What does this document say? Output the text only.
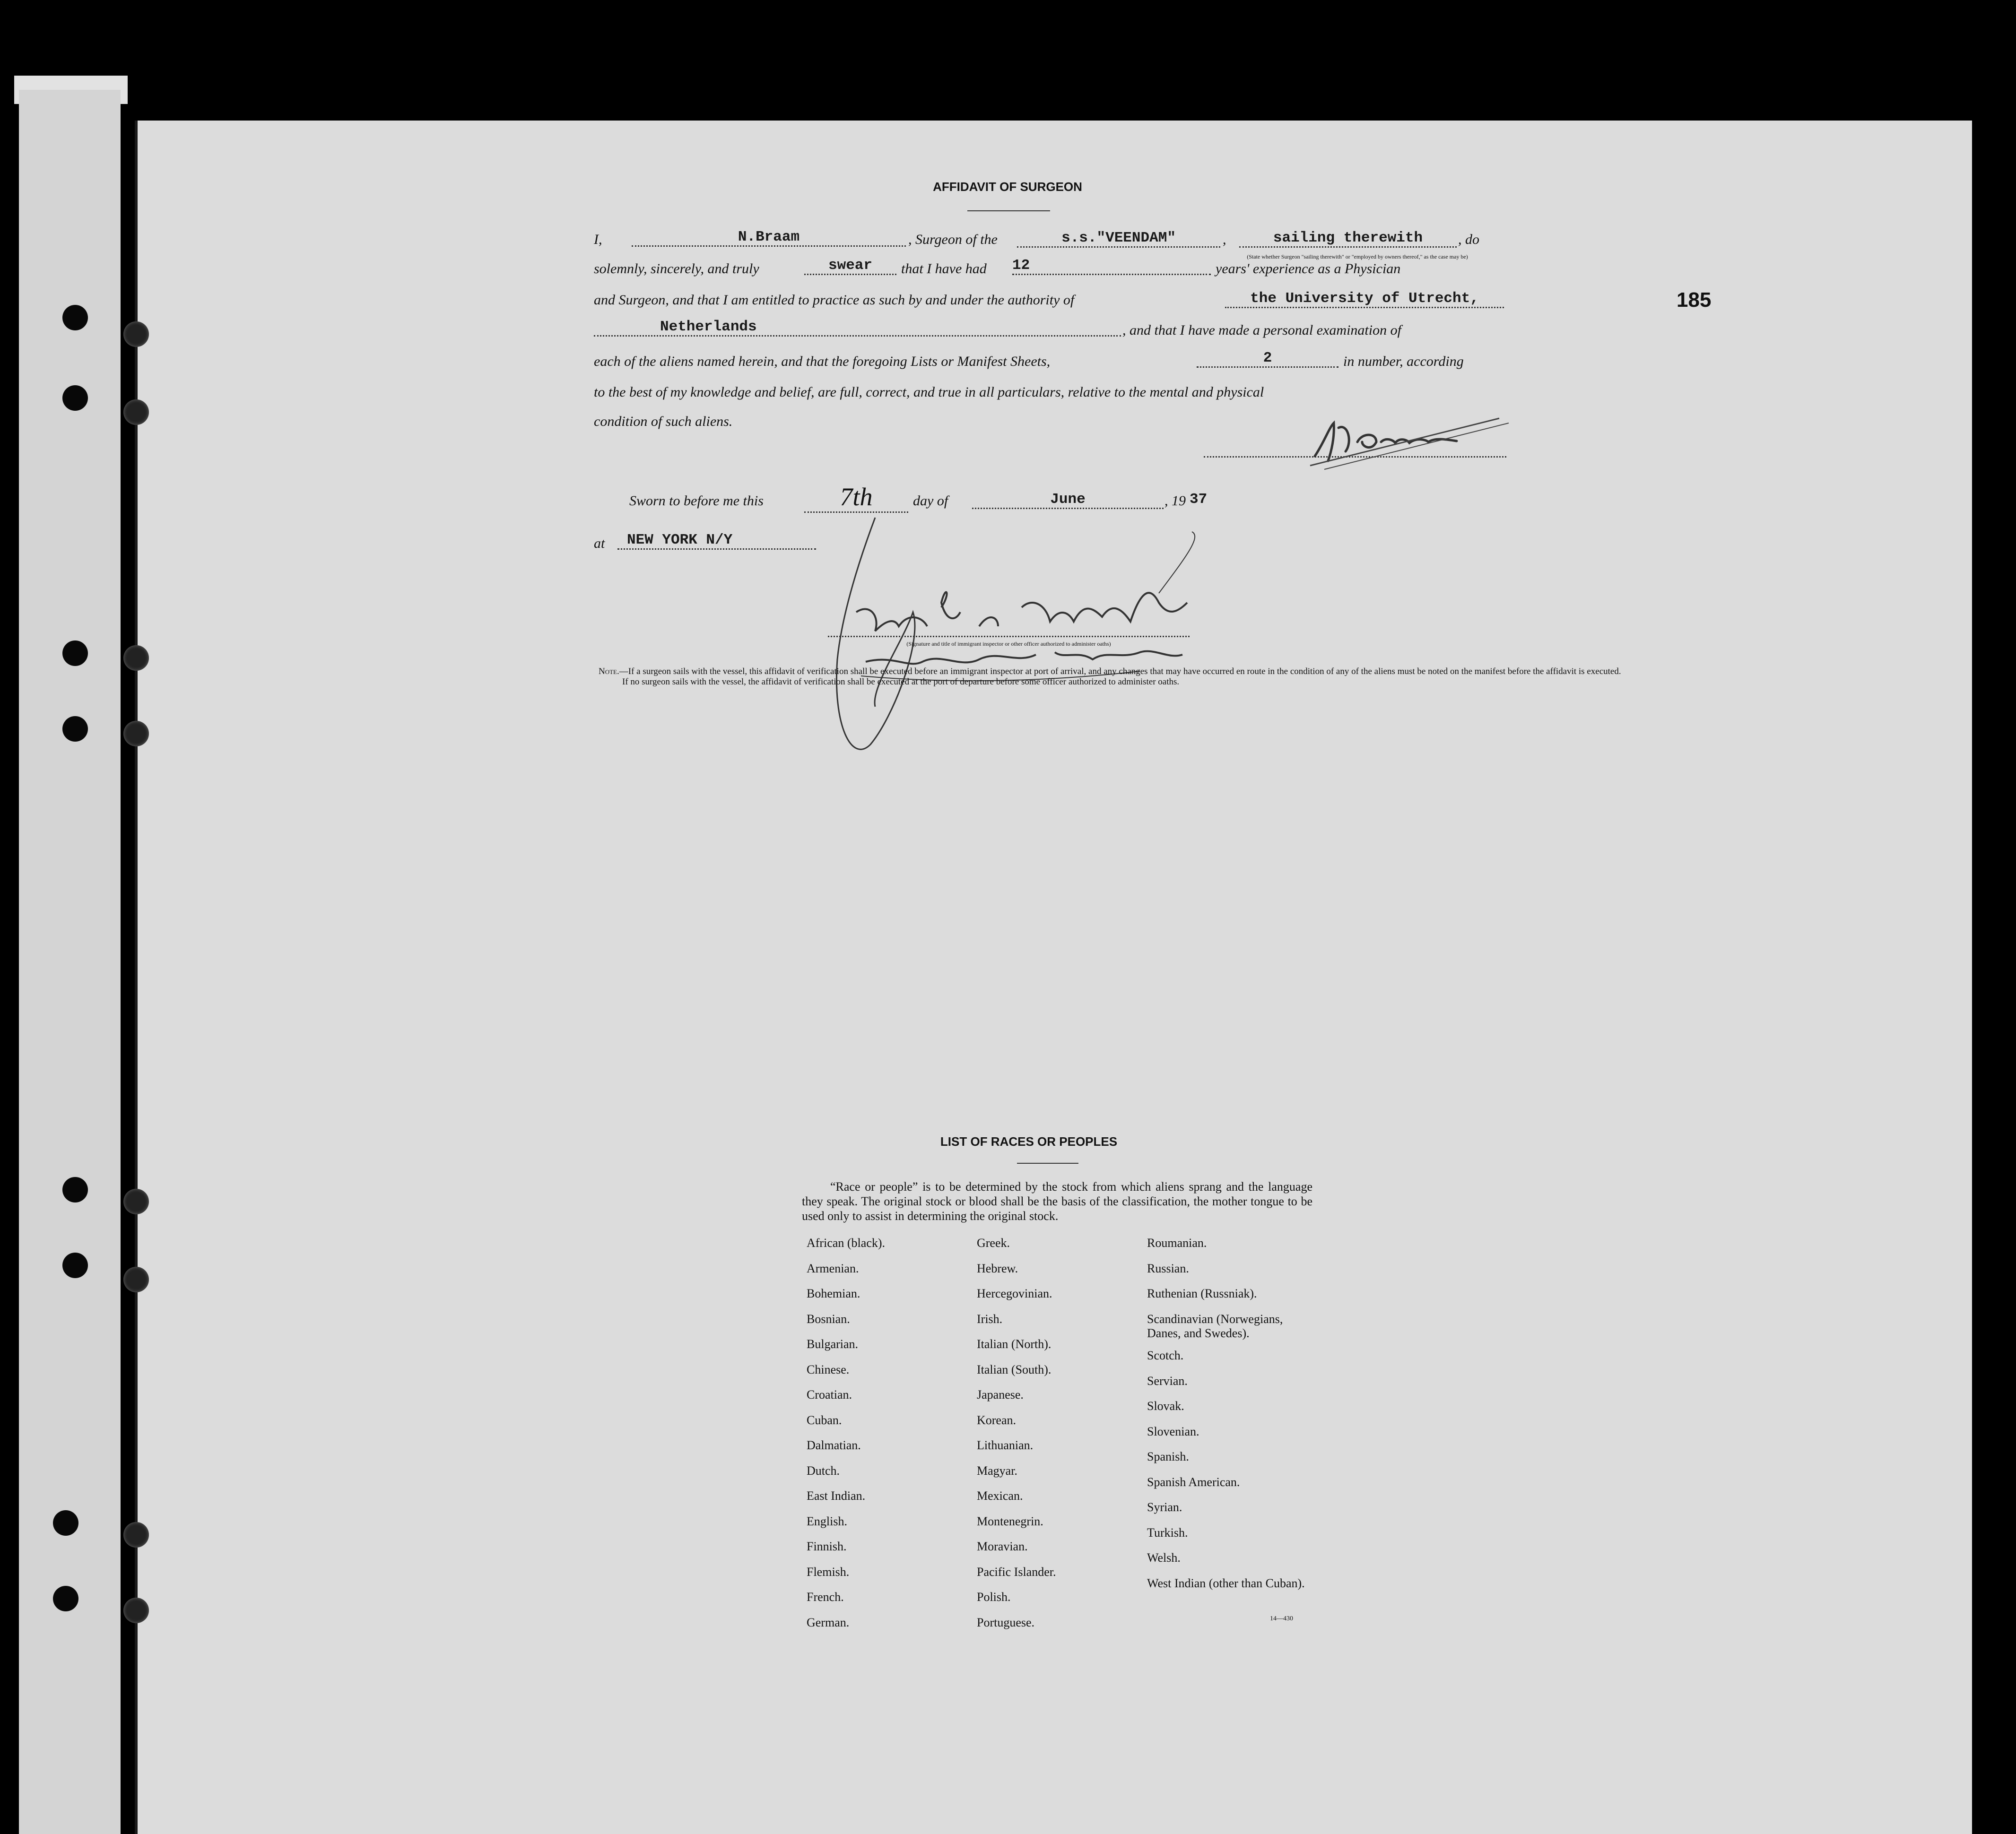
185
AFFIDAVIT OF SURGEON
I,	N.Braam	, Surgeon of the	s.s."VEENDAM"	,	sailing therewith	, do
(State whether Surgeon "sailing therewith" or "employed by owners thereof," as the case may be)
solemnly, sincerely, and truly	swear	that I have had 12	years' experience as a Physician
and Surgeon, and that I am entitled to practice as such by and under the authority of	the University of Utrecht,
Netherlands	, and that I have made a personal examination of
each of the aliens named herein, and that the foregoing Lists or Manifest Sheets,	2	in number, according
to the best of my knowledge and belief, are full, correct, and true in all particulars, relative to the mental and physical
condition of such aliens.
Sworn to before me this	7th	day of	June	, 19 37
at	NEW YORK N/Y
(Signature and title of immigrant inspector or other officer authorized to administer oaths)
Note.—If a surgeon sails with the vessel, this affidavit of verification shall be executed before an immigrant inspector at port of arrival, and any changes that may have occurred en route in the condition of any of the aliens must be noted on the manifest before the affidavit is executed.
If no surgeon sails with the vessel, the affidavit of verification shall be executed at the port of departure before some officer authorized to administer oaths.
LIST OF RACES OR PEOPLES
“Race or people” is to be determined by the stock from which aliens sprang and the language they speak. The original stock or blood shall be the basis of the classification, the mother tongue to be used only to assist in determining the original stock.
African (black).
Armenian.
Bohemian.
Bosnian.
Bulgarian.
Chinese.
Croatian.
Cuban.
Dalmatian.
Dutch.
East Indian.
English.
Finnish.
Flemish.
French.
German.
Greek.
Hebrew.
Hercegovinian.
Irish.
Italian (North).
Italian (South).
Japanese.
Korean.
Lithuanian.
Magyar.
Mexican.
Montenegrin.
Moravian.
Pacific Islander.
Polish.
Portuguese.
Roumanian.
Russian.
Ruthenian (Russniak).
Scandinavian (Norwegians, Danes, and Swedes).
Scotch.
Servian.
Slovak.
Slovenian.
Spanish.
Spanish American.
Syrian.
Turkish.
Welsh.
West Indian (other than Cuban).
14—430
